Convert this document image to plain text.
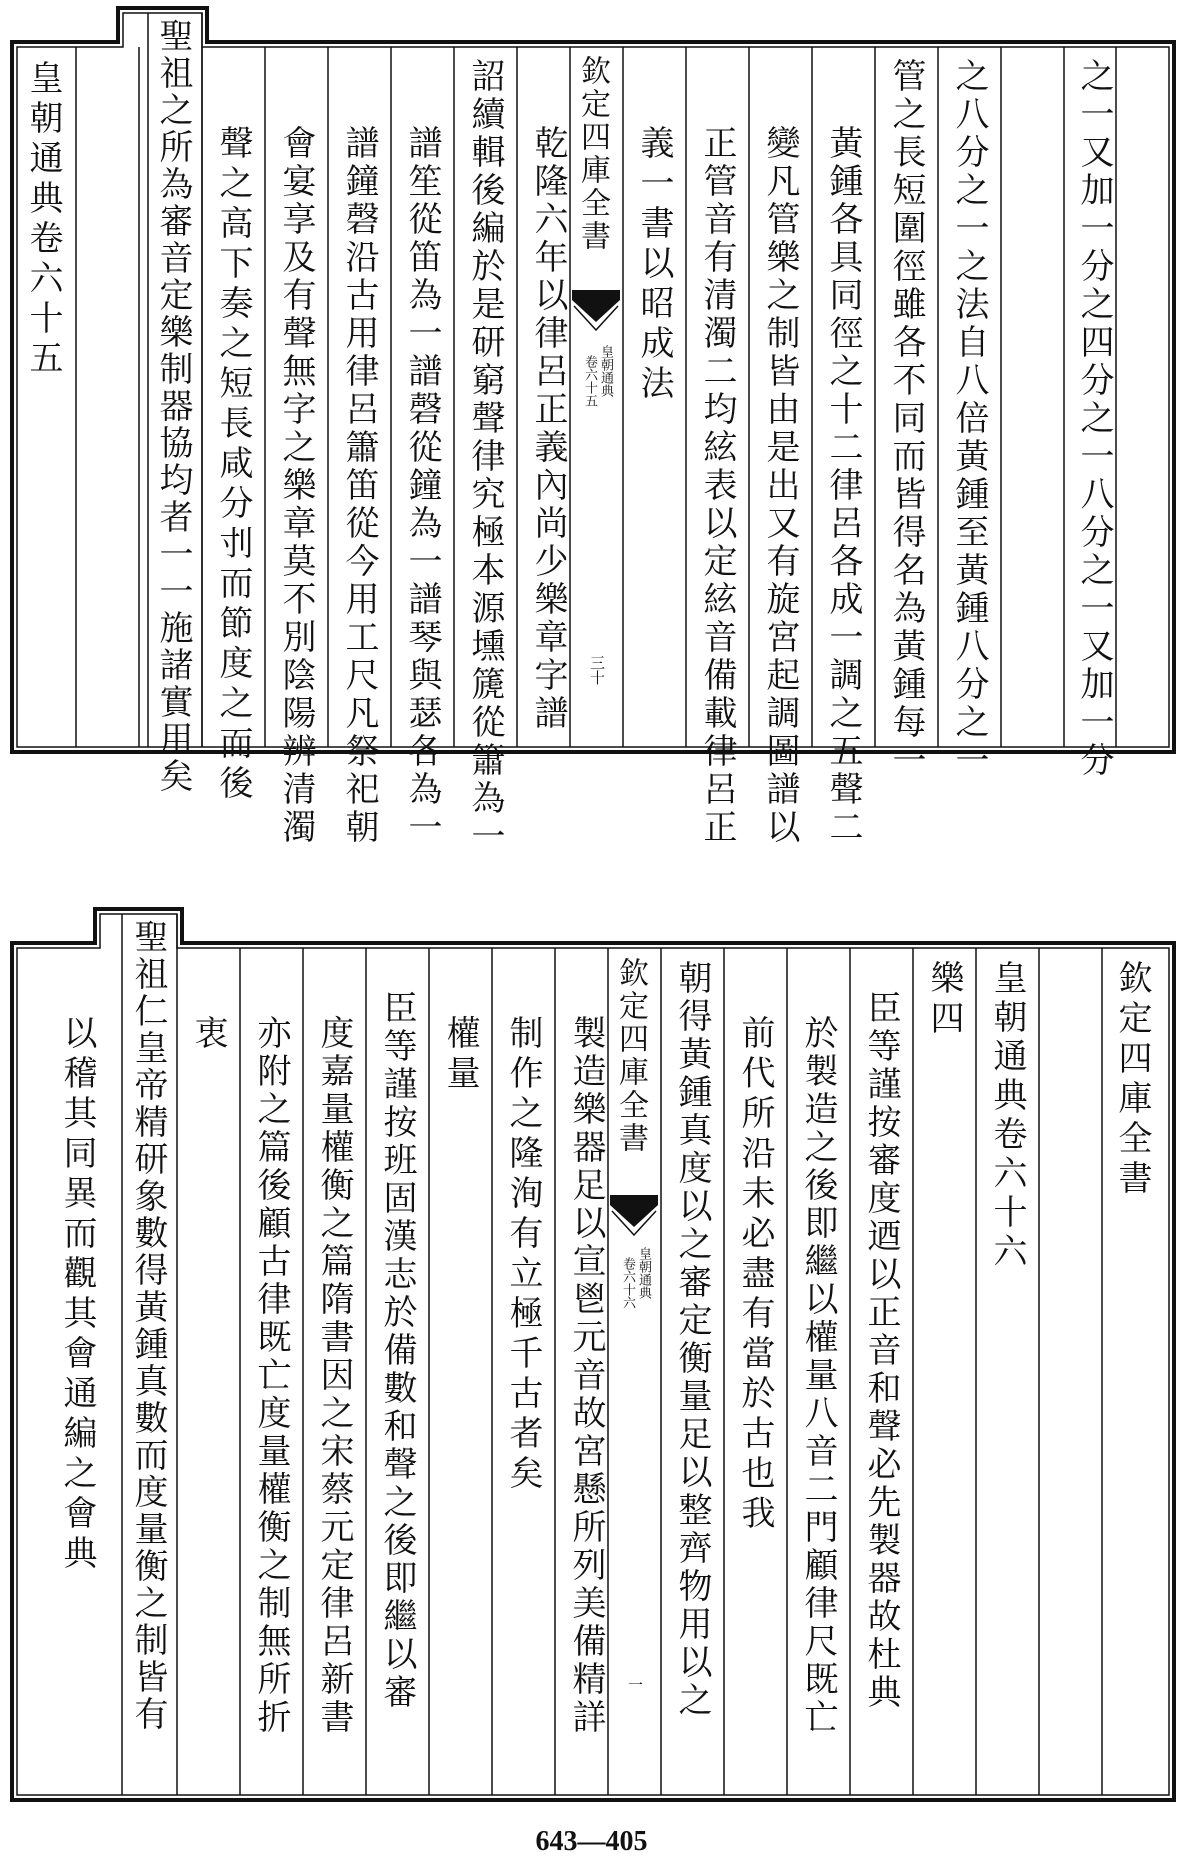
皇朝通典卷六十五	聖祖之所為審音定樂制器協均者一一施諸實用矣 聲之高下奏之短長咸分刌而節度之而後 會宴享及有聲無字之樂章莫不別陰陽辨清濁 譜鐘磬沿古用律呂簫笛從今用工尺凡祭祀朝 譜笙從笛為一譜磬從鐘為一譜琴與瑟各為一 詔續輯後編於是研窮聲律究極本源壎篪從簫為一 欽定四庫全書
皇朝通典
卷六十五
三十
乾隆六年以律呂正義內尚少樂章字譜 義一書以昭成法 正管音有清濁二均絃表以定絃音備載律呂正 變凡管樂之制皆由是出又有旋宮起調圖譜以 黃鍾各具同徑之十二律呂各成一調之五聲二 管之長短圍徑雖各不同而皆得名為黃鍾每一 之八分之一之法自八倍黃鍾至黃鍾八分之一	之一又加一分之四分之一八分之一又加一分
聖祖仁皇帝精研象數得黃鍾真數而度量衡之制皆有
以稽其同異而觀其會通編之會典	衷 亦附之篇後顧古律既亡度量權衡之制無所折 度嘉量權衡之篇隋書因之宋蔡元定律呂新書 臣等謹按班固漢志於備數和聲之後即繼以審 權量 制作之隆洵有立極千古者矣 欽定四庫全書
皇朝通典
卷六十六
一
製造樂器足以宣鬯元音故宮懸所列美備精詳 朝得黃鍾真度以之審定衡量足以整齊物用以之 前代所沿未必盡有當於古也我 於製造之後即繼以權量八音二門顧律尺既亡 臣等謹按審度迺以正音和聲必先製器故杜典 樂四 皇朝通典卷六十六	欽定四庫全書
643—405
